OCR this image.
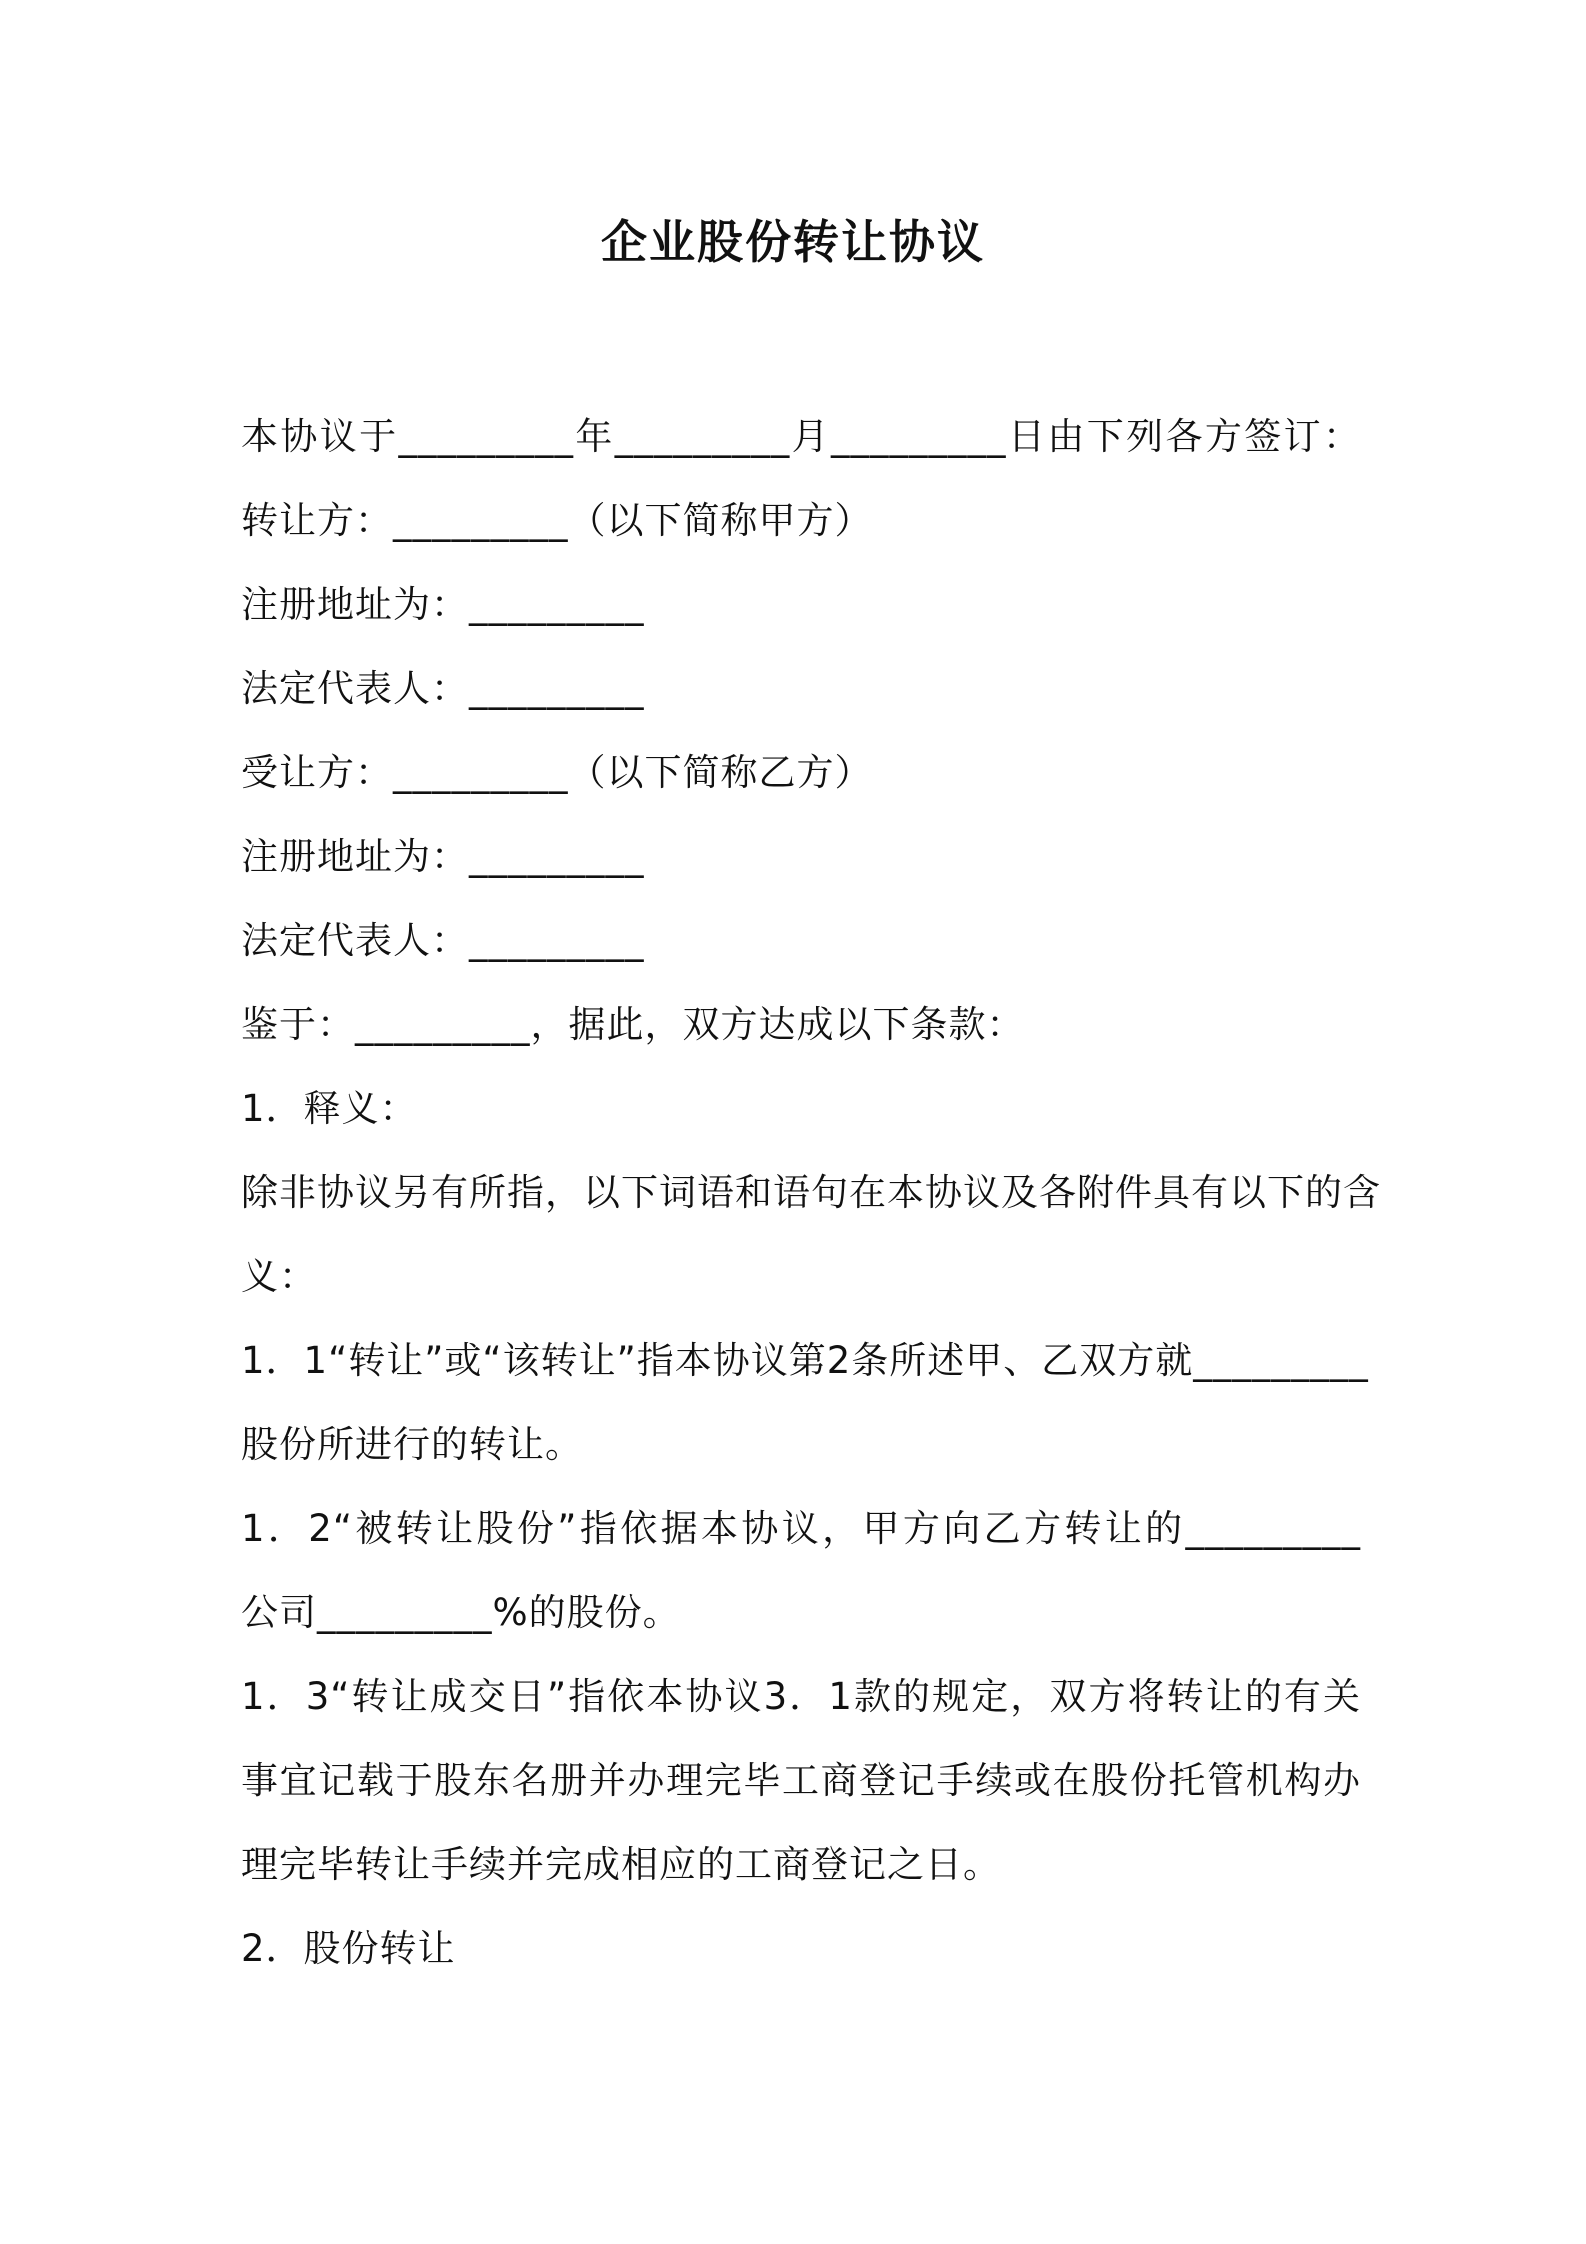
企业股份转让协议
本协议于_________年_________月_________日由下列各方签订：
转让方：_________（以下简称甲方）
注册地址为：_________
法定代表人：_________
受让方：_________（以下简称乙方）
注册地址为：_________
法定代表人：_________
鉴于：_________，据此，双方达成以下条款：
1．释义：
除非协议另有所指，以下词语和语句在本协议及各附件具有以下的含
义：
1．1“转让”或“该转让”指本协议第2条所述甲、乙双方就_________
股份所进行的转让。
1．2“被转让股份”指依据本协议，甲方向乙方转让的_________
公司_________%的股份。
1．3“转让成交日”指依本协议3．1款的规定，双方将转让的有关
事宜记载于股东名册并办理完毕工商登记手续或在股份托管机构办
理完毕转让手续并完成相应的工商登记之日。
2．股份转让
